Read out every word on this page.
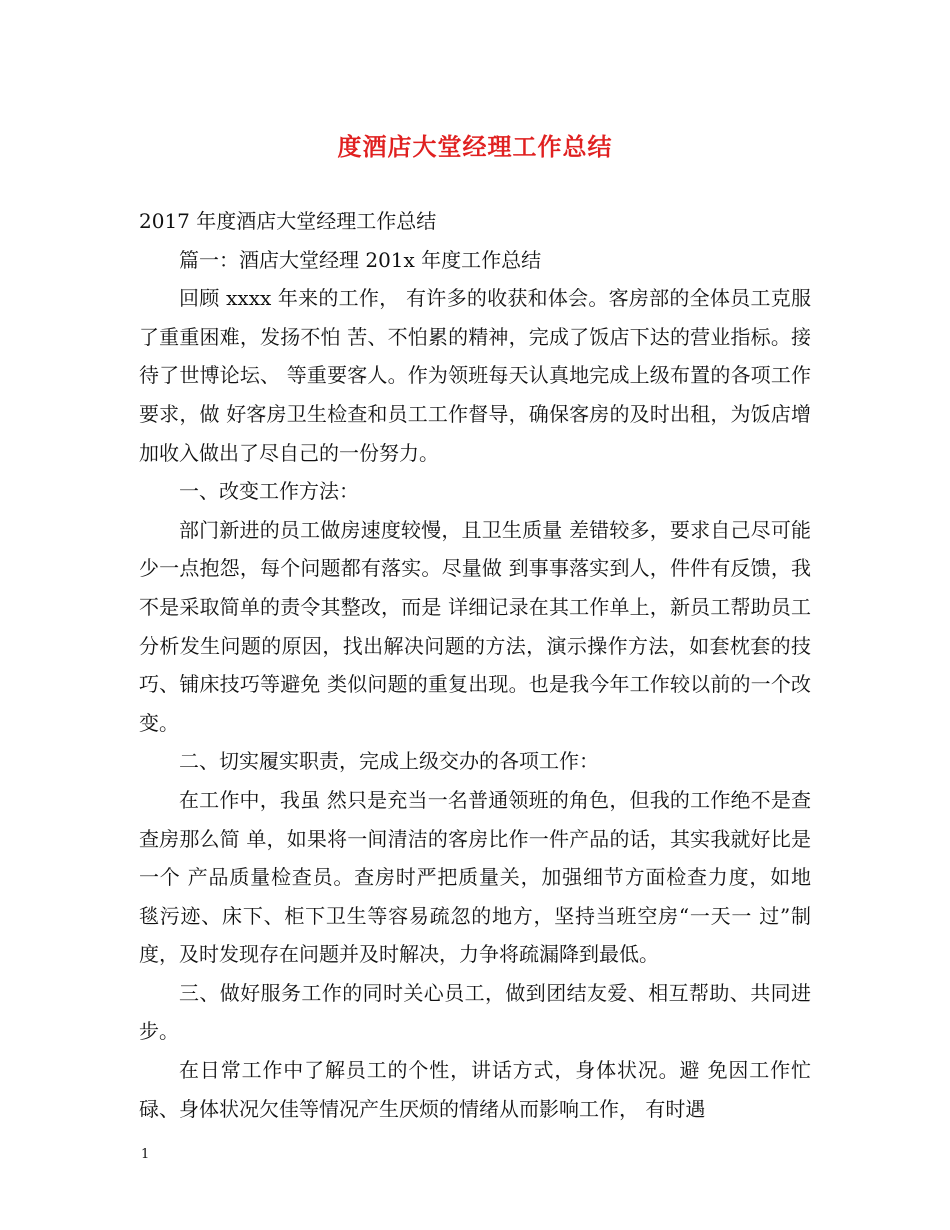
度酒店大堂经理工作总结

2017 年度酒店大堂经理工作总结

篇一：酒店大堂经理 201x 年度工作总结

回顾 xxxx 年来的工作， 有许多的收获和体会。客房部的全体员工克服了重重困难，发扬不怕 苦、不怕累的精神，完成了饭店下达的营业指标。接待了世博论坛、 等重要客人。作为领班每天认真地完成上级布置的各项工作要求，做 好客房卫生检查和员工工作督导，确保客房的及时出租，为饭店增加收入做出了尽自己的一份努力。

一、改变工作方法：

部门新进的员工做房速度较慢，且卫生质量 差错较多，要求自己尽可能少一点抱怨，每个问题都有落实。尽量做 到事事落实到人，件件有反馈，我不是采取简单的责令其整改，而是 详细记录在其工作单上，新员工帮助员工分析发生问题的原因，找出解决问题的方法，演示操作方法，如套枕套的技巧、铺床技巧等避免 类似问题的重复出现。也是我今年工作较以前的一个改变。

二、切实履实职责，完成上级交办的各项工作：

在工作中，我虽 然只是充当一名普通领班的角色，但我的工作绝不是查查房那么简 单，如果将一间清洁的客房比作一件产品的话，其实我就好比是一个 产品质量检查员。查房时严把质量关，加强细节方面检查力度，如地 毯污迹、床下、柜下卫生等容易疏忽的地方，坚持当班空房“一天一 过”制度，及时发现存在问题并及时解决，力争将疏漏降到最低。

三、做好服务工作的同时关心员工，做到团结友爱、相互帮助、共同进步。

在日常工作中了解员工的个性，讲话方式，身体状况。避 免因工作忙碌、身体状况欠佳等情况产生厌烦的情绪从而影响工作， 有时遇

1
